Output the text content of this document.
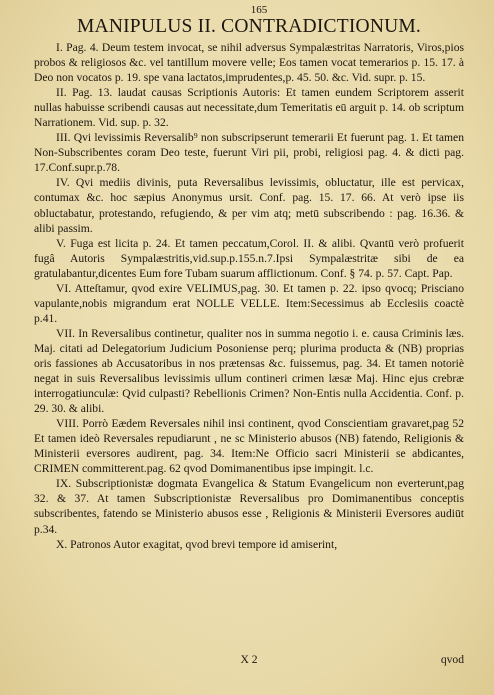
165
MANIPULUS II. CONTRADICTIONUM.

I. Pag. 4. Deum testem invocat, se nihil adversus Sympalæstritas Narratoris, Viros,pios probos & religiosos &c. vel tantillum movere velle; Eos tamen vocat temerarios p. 15. 17. à Deo non vocatos p. 19. spe vana lactatos,imprudentes,p. 45. 50. &c. Vid. supr. p. 15.

II. Pag. 13. laudat causas Scriptionis Autoris: Et tamen eundem Scriptorem asserit nullas habuisse scribendi causas aut necessitate,dum Temeritatis eū arguit p. 14. ob scriptum Narrationem. Vid. sup. p. 32.

III. Qvi levissimis Reversalib⁹ non subscripserunt temerarii Et fuerunt pag. 1. Et tamen Non-Subscribentes coram Deo teste, fuerunt Viri pii, probi, religiosi pag. 4. & dicti pag. 17.Conf.supr.p.78.

IV. Qvi mediis divinis, puta Reversalibus levissimis, obluctatur, ille est pervicax, contumax &c. hoc sæpius Anonymus ursit. Conf. pag. 15. 17. 66. At verò ipse iis obluctabatur, protestando, refugiendo, & per vim atq; metū subscribendo : pag. 16.36. & alibi passim.

V. Fuga est licita p. 24. Et tamen peccatum,Corol. II. & alibi. Qvantū verò profuerit fugâ Autoris Sympalæstritis,vid.sup.p.155.n.7.Ipsi Sympalæstritæ sibi de ea gratulabantur,dicentes Eum fore Tubam suarum afflictionum. Conf. § 74. p. 57. Capt. Pap.

VI. Atteſtamur, qvod exire VELIMUS,pag. 30. Et tamen p. 22. ipso qvocq; Prisciano vapulante,nobis migrandum erat NOLLE VELLE. Item:Secessimus ab Ecclesiis coactè p.41.

VII. In Reversalibus continetur, qualiter nos in summa negotio i. e. causa Criminis læs. Maj. citati ad Delegatorium Judicium Posoniense perq; plurima producta & (NB) proprias oris fassiones ab Accusatoribus in nos prætensas &c. fuissemus, pag. 34. Et tamen notoriè negat in suis Reversalibus levissimis ullum contineri crimen læsæ Maj. Hinc ejus crebræ interrogatiunculæ: Qvid culpasti? Rebellionis Crimen? Non-Entis nulla Accidentia. Conf. p. 29. 30. & alibi.

VIII. Porrò Eædem Reversales nihil insi continent, qvod Conscientiam gravaret,pag 52 Et tamen ideò Reversales repudiarunt , ne sc Ministerio abusos (NB) fatendo, Religionis & Ministerii eversores audirent, pag. 34. Item:Ne Officio sacri Ministerii se abdicantes, CRIMEN committerent.pag. 62 qvod Domimanentibus ipse impingit. l.c.

IX. Subscriptionistæ dogmata Evangelica & Statum Evangelicum non everterunt,pag 32. & 37. At tamen Subscriptionistæ Reversalibus pro Domimanentibus conceptis subscribentes, fatendo se Ministerio abusos esse , Religionis & Ministerii Eversores audiūt p.34.

X. Patronos Autor exagitat, qvod brevi tempore id amiserint,

X 2	qvod
